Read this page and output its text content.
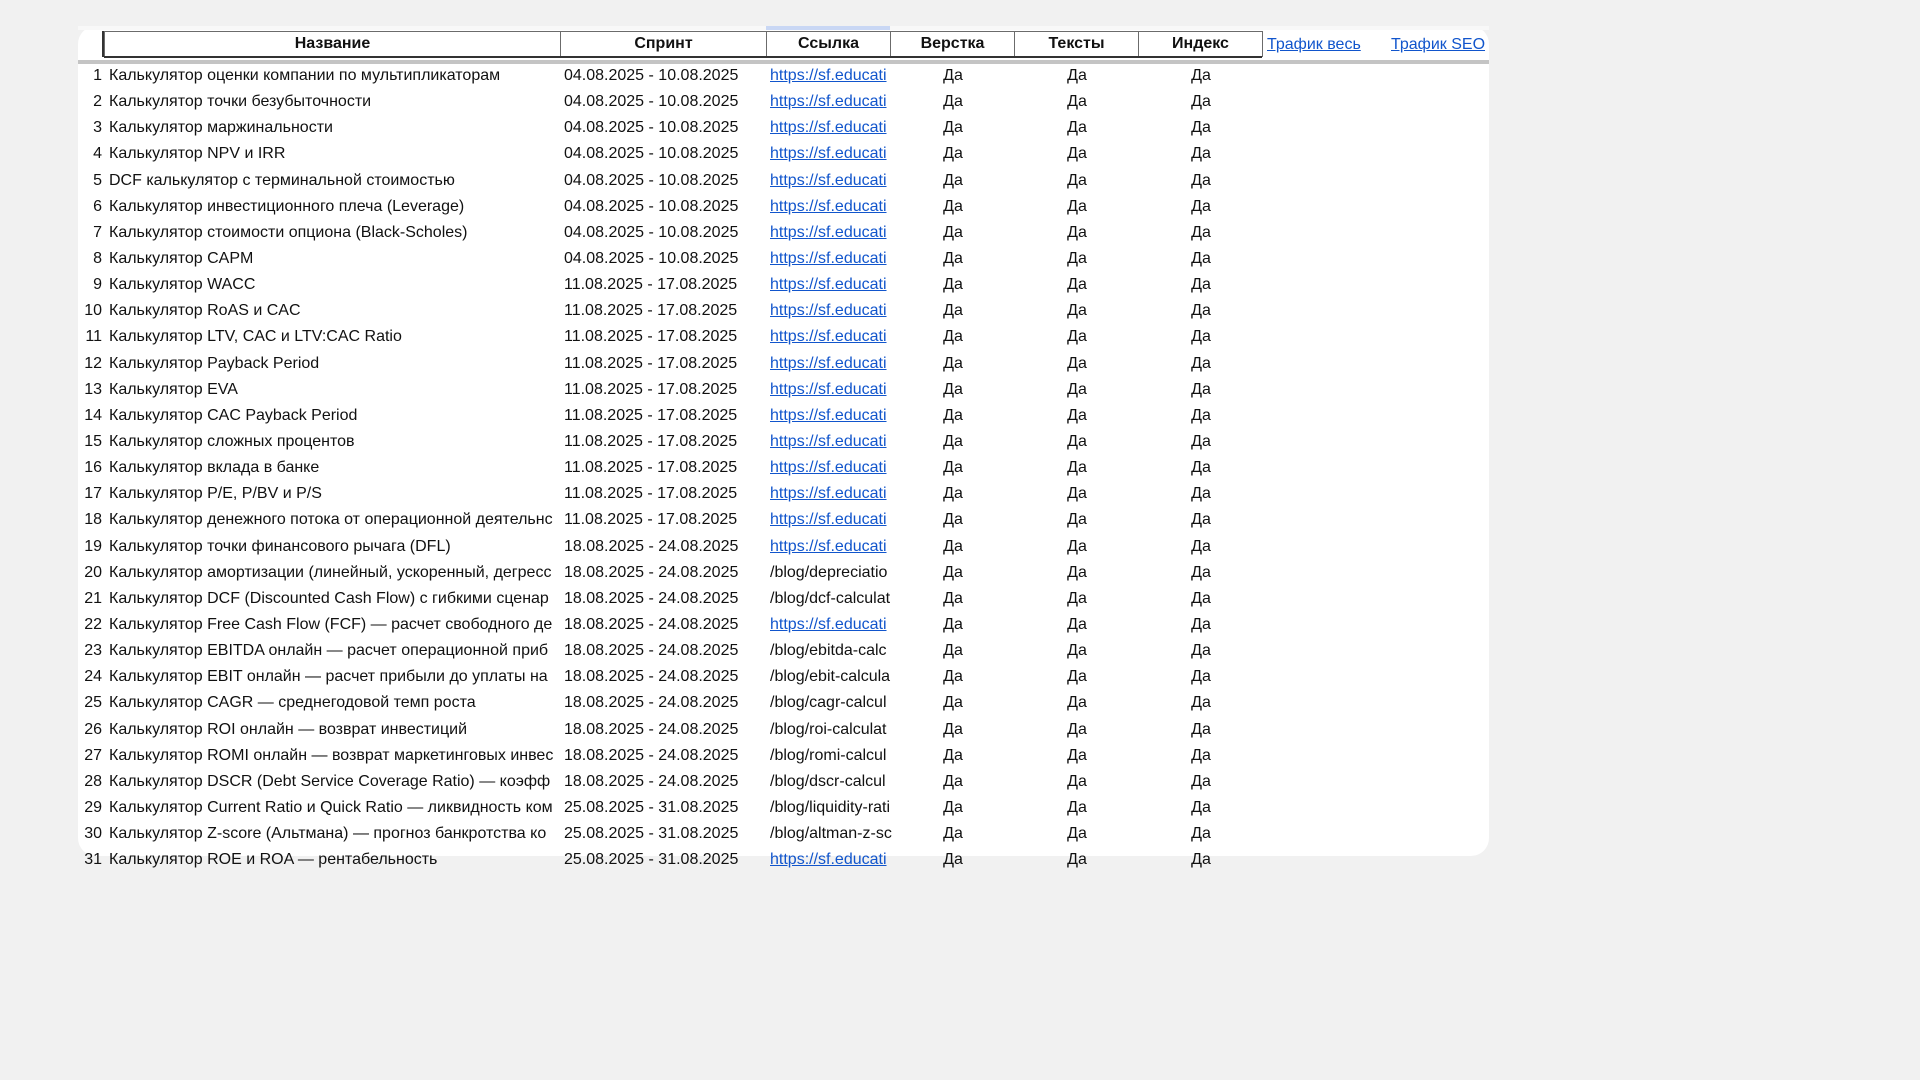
Название	Спринт	Ссылка	Верстка	Тексты	Индекс	Трафик весь	Трафик SEO
1 Калькулятор оценки компании по мультипликаторам	04.08.2025 - 10.08.2025	https://sf.educati	Да	Да	Да
2 Калькулятор точки безубыточности	04.08.2025 - 10.08.2025	https://sf.educati	Да	Да	Да
3 Калькулятор маржинальности	04.08.2025 - 10.08.2025	https://sf.educati	Да	Да	Да
4 Калькулятор NPV и IRR	04.08.2025 - 10.08.2025	https://sf.educati	Да	Да	Да
5 DCF калькулятор с терминальной стоимостью	04.08.2025 - 10.08.2025	https://sf.educati	Да	Да	Да
6 Калькулятор инвестиционного плеча (Leverage)	04.08.2025 - 10.08.2025	https://sf.educati	Да	Да	Да
7 Калькулятор стоимости опциона (Black-Scholes)	04.08.2025 - 10.08.2025	https://sf.educati	Да	Да	Да
8 Калькулятор CAPM	04.08.2025 - 10.08.2025	https://sf.educati	Да	Да	Да
9 Калькулятор WACC	11.08.2025 - 17.08.2025	https://sf.educati	Да	Да	Да
10 Калькулятор RoAS и CAC	11.08.2025 - 17.08.2025	https://sf.educati	Да	Да	Да
11 Калькулятор LTV, CAC и LTV:CAC Ratio	11.08.2025 - 17.08.2025	https://sf.educati	Да	Да	Да
12 Калькулятор Payback Period	11.08.2025 - 17.08.2025	https://sf.educati	Да	Да	Да
13 Калькулятор EVA	11.08.2025 - 17.08.2025	https://sf.educati	Да	Да	Да
14 Калькулятор CAC Payback Period	11.08.2025 - 17.08.2025	https://sf.educati	Да	Да	Да
15 Калькулятор сложных процентов	11.08.2025 - 17.08.2025	https://sf.educati	Да	Да	Да
16 Калькулятор вклада в банке	11.08.2025 - 17.08.2025	https://sf.educati	Да	Да	Да
17 Калькулятор P/E, P/BV и P/S	11.08.2025 - 17.08.2025	https://sf.educati	Да	Да	Да
18 Калькулятор денежного потока от операционной деятельнс 11.08.2025 - 17.08.2025	https://sf.educati	Да	Да	Да
19 Калькулятор точки финансового рычага (DFL)	18.08.2025 - 24.08.2025	https://sf.educati	Да	Да	Да
20 Калькулятор амортизации (линейный, ускоренный, дегресс 18.08.2025 - 24.08.2025	/blog/depreciatio	Да	Да	Да
21 Калькулятор DCF (Discounted Cash Flow) с гибкими сценар 18.08.2025 - 24.08.2025	/blog/dcf-calculat	Да	Да	Да
22 Калькулятор Free Cash Flow (FCF) — расчет свободного де 18.08.2025 - 24.08.2025	https://sf.educati	Да	Да	Да
23 Калькулятор EBITDA онлайн — расчет операционной приб 18.08.2025 - 24.08.2025	/blog/ebitda-calc	Да	Да	Да
24 Калькулятор EBIT онлайн — расчет прибыли до уплаты на	18.08.2025 - 24.08.2025	/blog/ebit-calcula	Да	Да	Да
25 Калькулятор CAGR — среднегодовой темп роста	18.08.2025 - 24.08.2025	/blog/cagr-calcul	Да	Да	Да
26 Калькулятор ROI онлайн — возврат инвестиций	18.08.2025 - 24.08.2025	/blog/roi-calculat	Да	Да	Да
27 Калькулятор ROMI онлайн — возврат маркетинговых инвес 18.08.2025 - 24.08.2025	/blog/romi-calcul	Да	Да	Да
28 Калькулятор DSCR (Debt Service Coverage Ratio) — коэфф 18.08.2025 - 24.08.2025	/blog/dscr-calcul	Да	Да	Да
29 Калькулятор Current Ratio и Quick Ratio — ликвидность ком 25.08.2025 - 31.08.2025	/blog/liquidity-rati	Да	Да	Да
30 Калькулятор Z-score (Альтмана) — прогноз банкротства ко	25.08.2025 - 31.08.2025	/blog/altman-z-sc	Да	Да	Да
31 Калькулятор ROE и ROA — рентабельность	25.08.2025 - 31.08.2025	https://sf.educati	Да	Да	Да
